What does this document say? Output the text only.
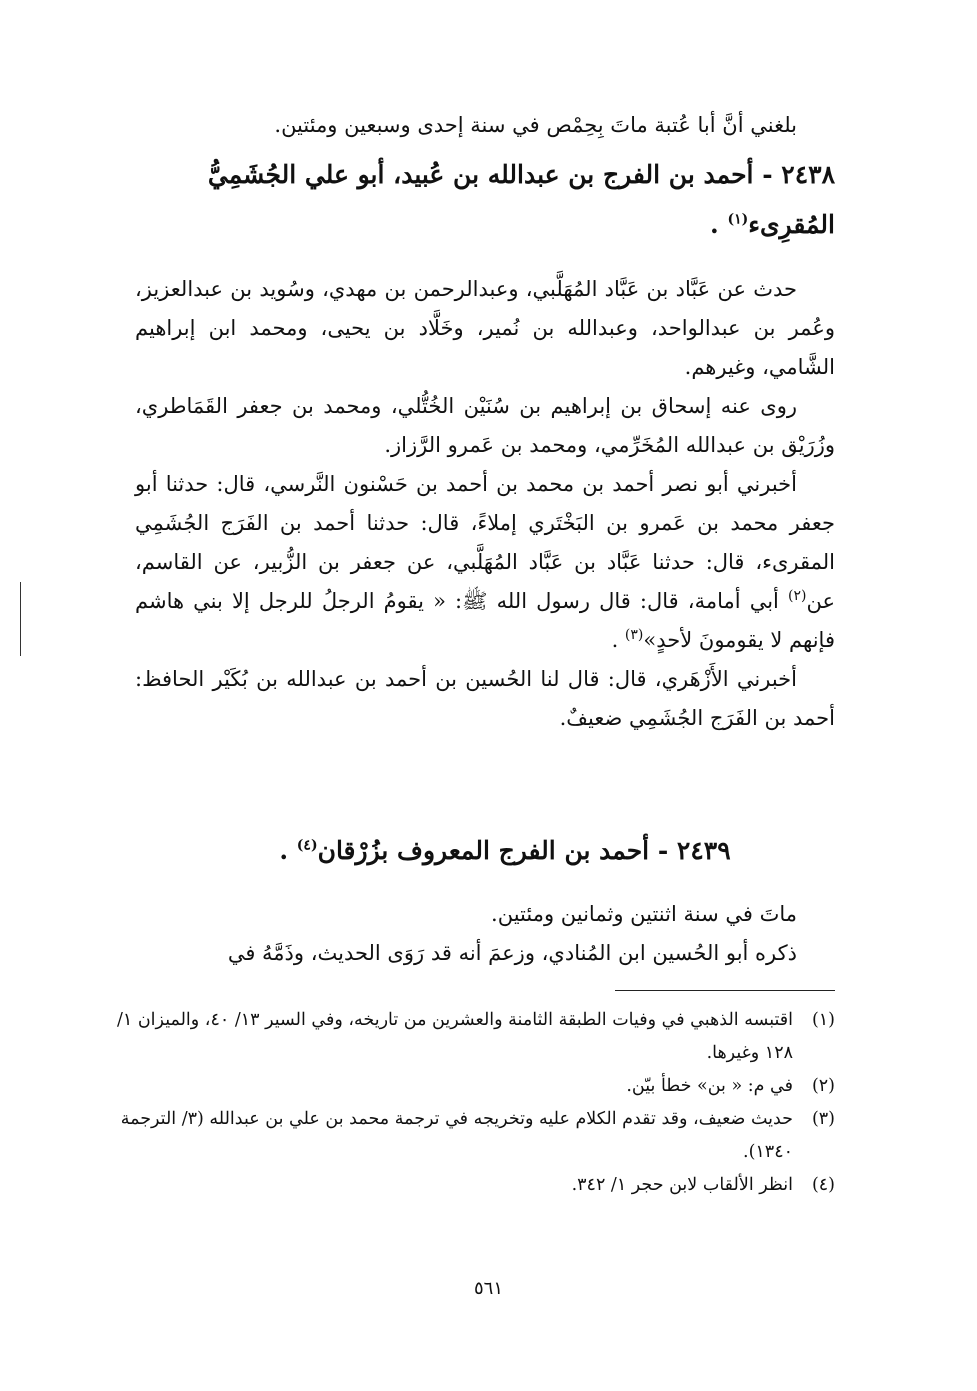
بلغني أنَّ أبا عُتبة ماتَ بِحِمْص في سنة إحدى وسبعين ومئتين.

٢٤٣٨ - أحمد بن الفرج بن عبدالله بن عُبيد، أبو علي الجُشَمِيُّ
المُقرِىء$^{(١)}$ .

حدث عن عَبَّاد بن عَبَّاد المُهَلَّبي، وعبدالرحمن بن مهدي، وسُويد بن عبدالعزيز، وعُمر بن عبدالواحد، وعبدالله بن نُمير، وخَلَّاد بن يحيى، ومحمد ابن إبراهيم الشَّامي، وغيرهم.

روى عنه إسحاق بن إبراهيم بن سُنَيْن الخُتُّلي، ومحمد بن جعفر القَمَاطري، وزُرَيْق بن عبدالله المُخَرِّمي، ومحمد بن عَمرو الرَّزاز.

أخبرني أبو نصر أحمد بن محمد بن أحمد بن حَسْنون النَّرسي، قال: حدثنا أبو جعفر محمد بن عَمرو بن البَخْتَري إملاءً، قال: حدثنا أحمد بن الفَرَج الجُشَمِي المقرىء، قال: حدثنا عَبَّاد بن عَبَّاد المُهَلَّبي، عن جعفر بن الزُّبير، عن القاسم، عن$^{(٢)}$ أبي أمامة، قال: قال رسول الله ﷺ: « يقومُ الرجلُ للرجل إلا بني هاشم فإنهم لا يقومونَ لأحدٍ»$^{(٣)}$ .

أخبرني الأَزْهَري، قال: قال لنا الحُسين بن أحمد بن عبدالله بن بُكَيْر الحافظ: أحمد بن الفَرَج الجُشَمِي ضعيفٌ.

٢٤٣٩ - أحمد بن الفرج المعروف بزُرْقان$^{(٤)}$ .

ماتَ في سنة اثنتين وثمانين ومئتين.

ذكره أبو الحُسين ابن المُنادي، وزعمَ أنه قد رَوَى الحديث، وذَمَّهُ في

(١)
اقتبسه الذهبي في وفيات الطبقة الثامنة والعشرين من تاريخه، وفي السير ١٣/ ٤٠، والميزان ١/ ١٢٨ وغيرها.
(٢)
في م: « بن» خطأ بيّن.
(٣)
حديث ضعيف، وقد تقدم الكلام عليه وتخريجه في ترجمة محمد بن علي بن عبدالله (٣/ الترجمة ١٣٤٠).
(٤)
انظر الألقاب لابن حجر ١/ ٣٤٢.
٥٦١
